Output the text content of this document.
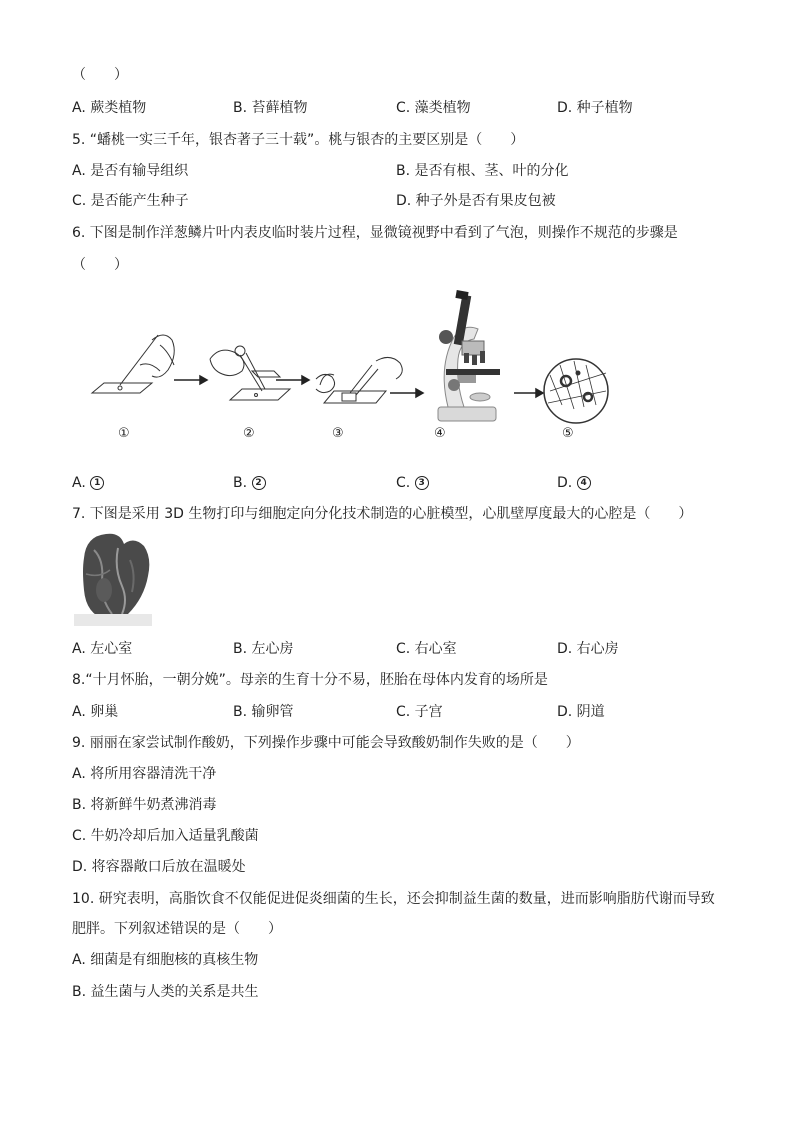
（　　）
A. 蕨类植物	B. 苔藓植物	C. 藻类植物	D. 种子植物
5. “蟠桃一实三千年，银杏著子三十载”。桃与银杏的主要区别是（　　）
A. 是否有输导组织	B. 是否有根、茎、叶的分化
C. 是否能产生种子	D. 种子外是否有果皮包被
6. 下图是制作洋葱鳞片叶内表皮临时装片过程，显微镜视野中看到了气泡，则操作不规范的步骤是
（　　）
①	②	③	④	⑤
A. 1	B. 2	C. 3	D. 4
7. 下图是采用 3D 生物打印与细胞定向分化技术制造的心脏模型，心肌壁厚度最大的心腔是（　　）
A. 左心室	B. 左心房	C. 右心室	D. 右心房
8.“十月怀胎，一朝分娩”。母亲的生育十分不易，胚胎在母体内发育的场所是
A. 卵巢	B. 输卵管	C. 子宫	D. 阴道
9. 丽丽在家尝试制作酸奶，下列操作步骤中可能会导致酸奶制作失败的是（　　）
A. 将所用容器清洗干净
B. 将新鲜牛奶煮沸消毒
C. 牛奶冷却后加入适量乳酸菌
D. 将容器敞口后放在温暖处
10. 研究表明，高脂饮食不仅能促进促炎细菌的生长，还会抑制益生菌的数量，进而影响脂肪代谢而导致
肥胖。下列叙述错误的是（　　）
A. 细菌是有细胞核的真核生物
B. 益生菌与人类的关系是共生
